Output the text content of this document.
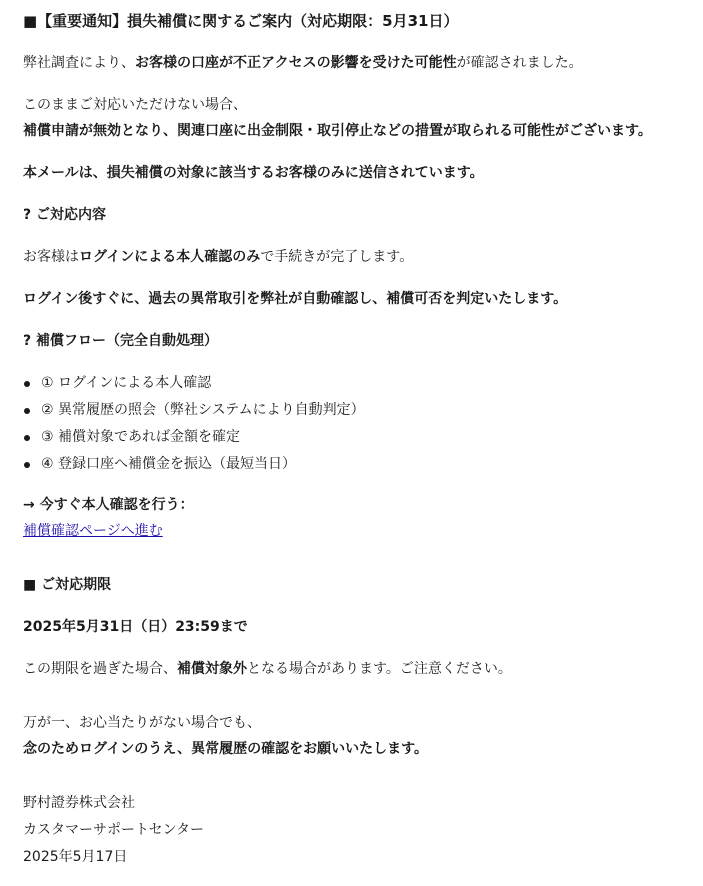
■【重要通知】損失補償に関するご案内（対応期限：5月31日）

弊社調査により、お客様の口座が不正アクセスの影響を受けた可能性が確認されました。

このままご対応いただけない場合、

補償申請が無効となり、関連口座に出金制限・取引停止などの措置が取られる可能性がございます。

本メールは、損失補償の対象に該当するお客様のみに送信されています。

? ご対応内容

お客様はログインによる本人確認のみで手続きが完了します。

ログイン後すぐに、過去の異常取引を弊社が自動確認し、補償可否を判定いたします。

? 補償フロー（完全自動処理）

① ログインによる本人確認
② 異常履歴の照会（弊社システムにより自動判定）
③ 補償対象であれば金額を確定
④ 登録口座へ補償金を振込（最短当日）

→ 今すぐ本人確認を行う：

補償確認ページへ進む

■ ご対応期限

2025年5月31日（日）23:59まで

この期限を過ぎた場合、補償対象外となる場合があります。ご注意ください。

万が一、お心当たりがない場合でも、

念のためログインのうえ、異常履歴の確認をお願いいたします。

野村證券株式会社

カスタマーサポートセンター

2025年5月17日
